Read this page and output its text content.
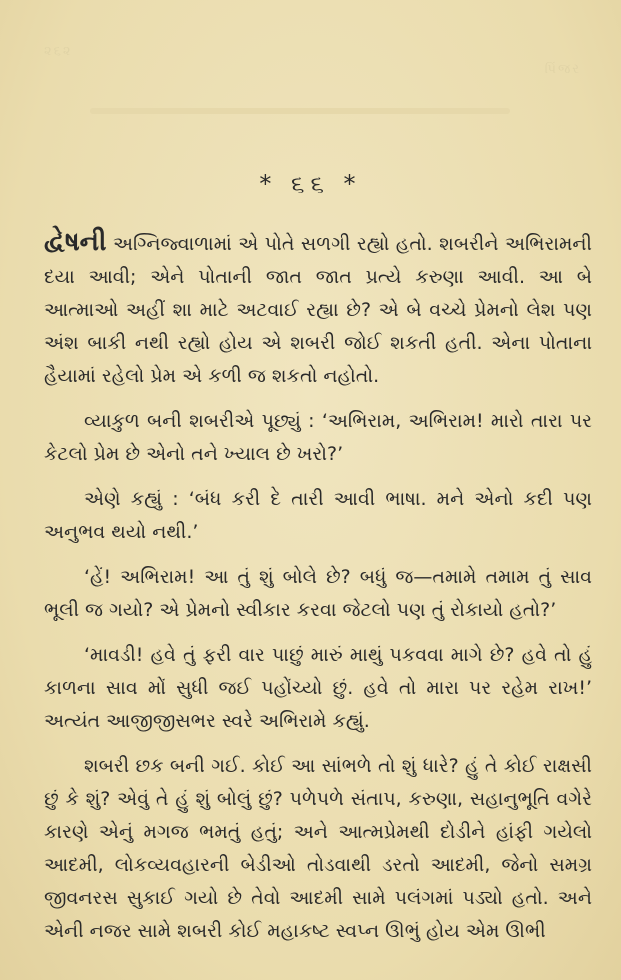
૨૬૨
પિંજર
* ૬૬ *

દ્વેષની અગ્નિજ્વાળામાં એ પોતે સળગી રહ્યો હતો. શબરીને અભિરામની દયા આવી; એને પોતાની જાત જાત પ્રત્યે કરુણા આવી. આ બે આત્માઓ અહીં શા માટે અટવાઈ રહ્યા છે? એ બે વચ્ચે પ્રેમનો લેશ પણ અંશ બાકી નથી રહ્યો હોય એ શબરી જોઈ શકતી હતી. એના પોતાના હૈયામાં રહેલો પ્રેમ એ કળી જ શકતો નહોતો.

વ્યાકુળ બની શબરીએ પૂછ્યું : ‘અભિરામ, અભિરામ! મારો તારા પર કેટલો પ્રેમ છે એનો તને ખ્યાલ છે ખરો?’

એણે કહ્યું : ‘બંધ કરી દે તારી આવી ભાષા. મને એનો કદી પણ અનુભવ થયો નથી.’

‘હેં! અભિરામ! આ તું શું બોલે છે? બધું જ—તમામે તમામ તું સાવ ભૂલી જ ગયો? એ પ્રેમનો સ્વીકાર કરવા જેટલો પણ તું રોકાયો હતો?’

‘માવડી! હવે તું ફરી વાર પાછું મારું માથું પકવવા માગે છે? હવે તો હું કાળના સાવ મોં સુધી જઈ પહોંચ્યો છું. હવે તો મારા પર રહેમ રાખ!’ અત્યંત આજીજીસભર સ્વરે અભિરામે કહ્યું.

શબરી છક બની ગઈ. કોઈ આ સાંભળે તો શું ધારે? હું તે કોઈ રાક્ષસી છું કે શું? એવું તે હું શું બોલું છું? પળેપળે સંતાપ, કરુણા, સહાનુભૂતિ વગેરે કારણે એનું મગજ ભમતું હતું; અને આત્મપ્રેમથી દોડીને હાંફી ગયેલો આદમી, લોકવ્યવહારની બેડીઓ તોડવાથી ડરતો આદમી, જેનો સમગ્ર જીવનરસ સુકાઈ ગયો છે તેવો આદમી સામે પલંગમાં પડ્યો હતો. અને એની નજર સામે શબરી કોઈ મહાકષ્ટ સ્વપ્ન ઊભું હોય એમ ઊભી
